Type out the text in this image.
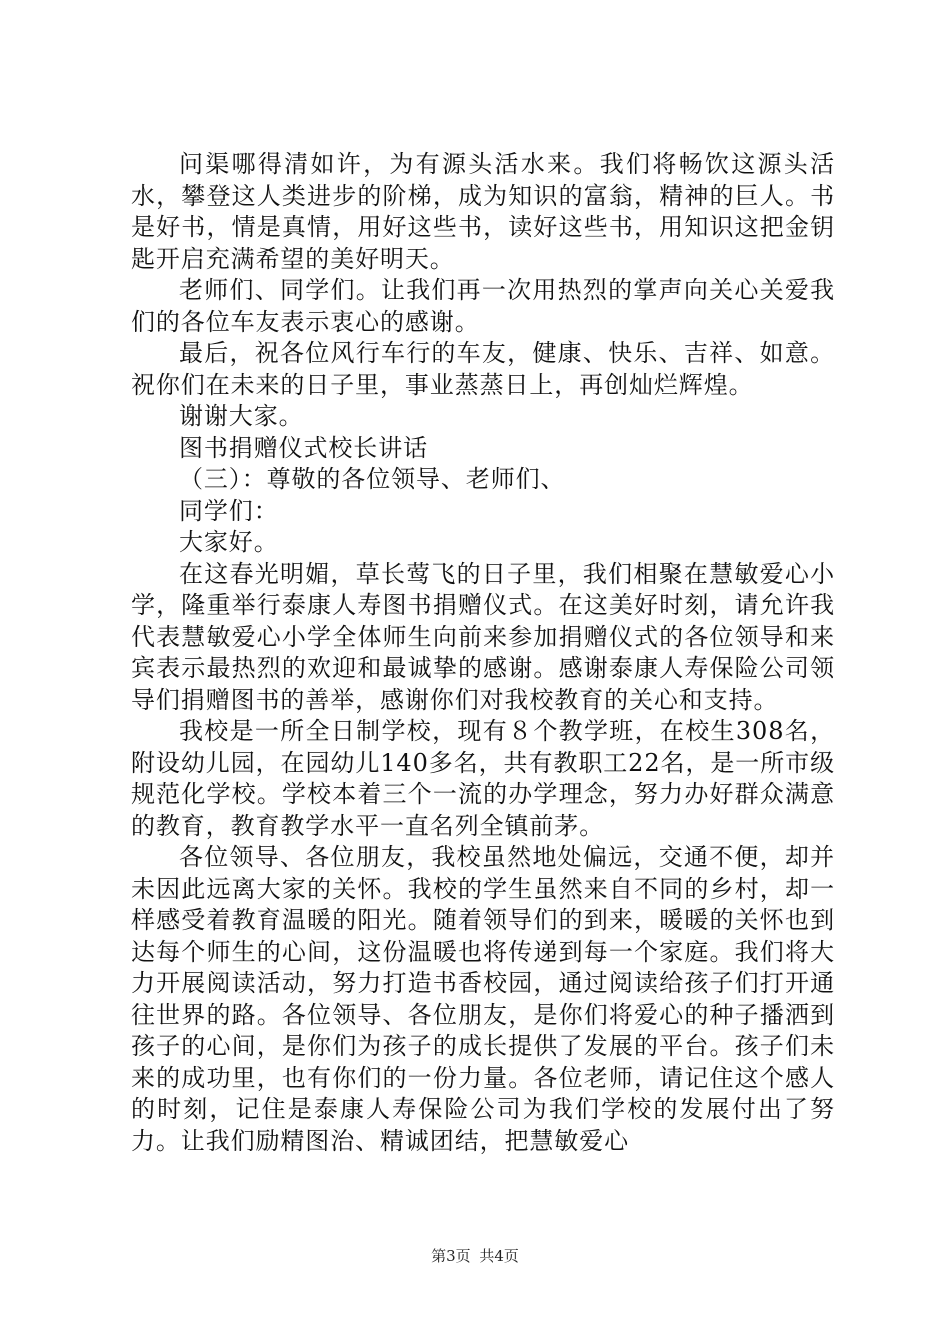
问渠哪得清如许，为有源头活水来。我们将畅饮这源头活水，攀登这人类进步的阶梯，成为知识的富翁，精神的巨人。书是好书，情是真情，用好这些书，读好这些书，用知识这把金钥匙开启充满希望的美好明天。

老师们、同学们。让我们再一次用热烈的掌声向关心关爱我们的各位车友表示衷心的感谢。

最后，祝各位风行车行的车友，健康、快乐、吉祥、如意。祝你们在未来的日子里，事业蒸蒸日上，再创灿烂辉煌。

谢谢大家。

图书捐赠仪式校长讲话

（三）：尊敬的各位领导、老师们、

同学们：

大家好。

在这春光明媚，草长莺飞的日子里，我们相聚在慧敏爱心小学，隆重举行泰康人寿图书捐赠仪式。在这美好时刻，请允许我代表慧敏爱心小学全体师生向前来参加捐赠仪式的各位领导和来宾表示最热烈的欢迎和最诚挚的感谢。感谢泰康人寿保险公司领导们捐赠图书的善举，感谢你们对我校教育的关心和支持。

我校是一所全日制学校，现有８个教学班，在校生308名，附设幼儿园，在园幼儿140多名，共有教职工22名，是一所市级规范化学校。学校本着三个一流的办学理念，努力办好群众满意的教育，教育教学水平一直名列全镇前茅。

各位领导、各位朋友，我校虽然地处偏远，交通不便，却并未因此远离大家的关怀。我校的学生虽然来自不同的乡村，却一样感受着教育温暖的阳光。随着领导们的到来，暖暖的关怀也到达每个师生的心间，这份温暖也将传递到每一个家庭。我们将大力开展阅读活动，努力打造书香校园，通过阅读给孩子们打开通往世界的路。各位领导、各位朋友，是你们将爱心的种子播洒到孩子的心间，是你们为孩子的成长提供了发展的平台。孩子们未来的成功里，也有你们的一份力量。各位老师，请记住这个感人的时刻，记住是泰康人寿保险公司为我们学校的发展付出了努力。让我们励精图治、精诚团结，把慧敏爱心

第3页 共4页
